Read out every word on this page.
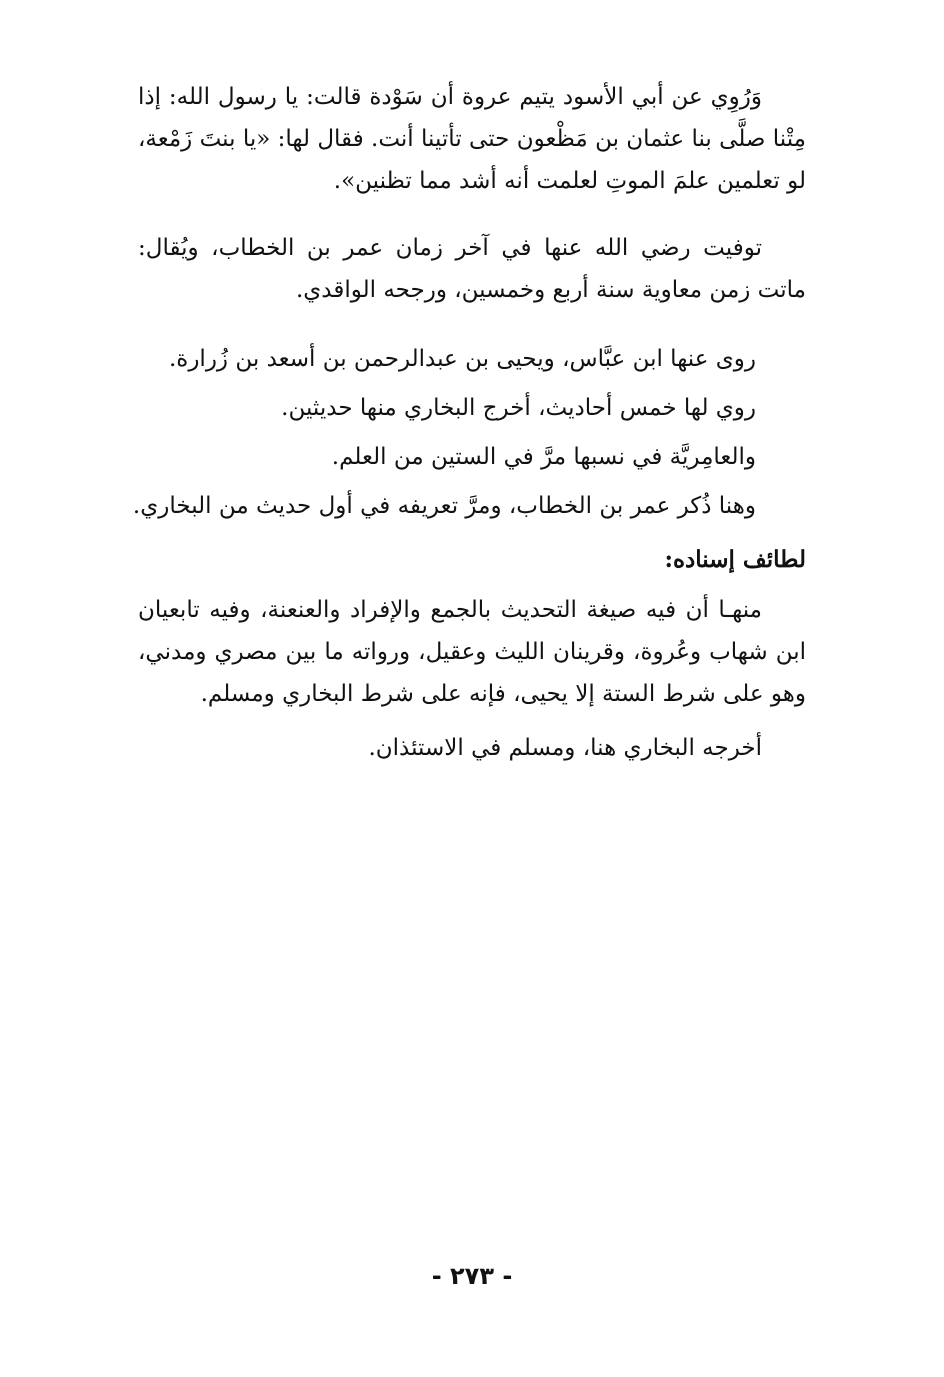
وَرُوِي عن أبي الأسود يتيم عروة أن سَوْدة قالت: يا رسول الله: إذا مِتْنا صلَّى بنا عثمان بن مَظْعون حتى تأتينا أنت. فقال لها: «يا بنتَ زَمْعة، لو تعلمين علمَ الموتِ لعلمت أنه أشد مما تظنين».

توفيت رضي الله عنها في آخر زمان عمر بن الخطاب، ويُقال: ماتت زمن معاوية سنة أربع وخمسين، ورجحه الواقدي.

روى عنها ابن عبَّاس، ويحيى بن عبدالرحمن بن أسعد بن زُرارة.
روي لها خمس أحاديث، أخرج البخاري منها حديثين.
والعامِريَّة في نسبها مرَّ في الستين من العلم.
وهنا ذُكر عمر بن الخطاب، ومرَّ تعريفه في أول حديث من البخاري.
لطائف إسناده:

منهـا أن فيه صيغة التحديث بالجمع والإفراد والعنعنة، وفيه تابعيان ابن شهاب وعُروة، وقرينان الليث وعقيل، ورواته ما بين مصري ومدني، وهو على شرط الستة إلا يحيى، فإنه على شرط البخاري ومسلم.

أخرجه البخاري هنا، ومسلم في الاستئذان.

- ٢٧٣ -
